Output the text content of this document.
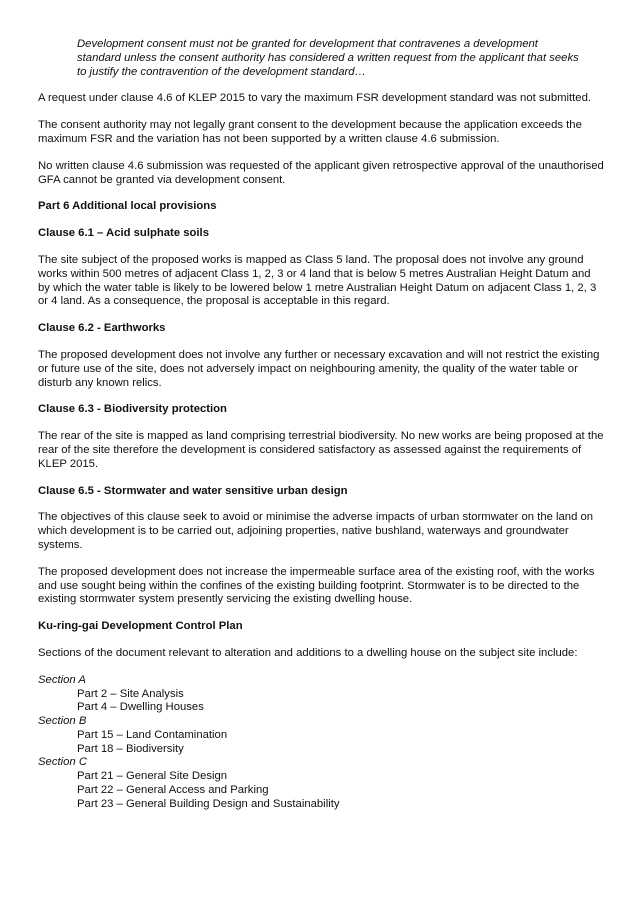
Development consent must not be granted for development that contravenes a development standard unless the consent authority has considered a written request from the applicant that seeks to justify the contravention of the development standard…

A request under clause 4.6 of KLEP 2015 to vary the maximum FSR development standard was not submitted.

The consent authority may not legally grant consent to the development because the application exceeds the maximum FSR and the variation has not been supported by a written clause 4.6 submission.

No written clause 4.6 submission was requested of the applicant given retrospective approval of the unauthorised GFA cannot be granted via development consent.

Part 6 Additional local provisions

Clause 6.1 – Acid sulphate soils

The site subject of the proposed works is mapped as Class 5 land. The proposal does not involve any ground works within 500 metres of adjacent Class 1, 2, 3 or 4 land that is below 5 metres Australian Height Datum and by which the water table is likely to be lowered below 1 metre Australian Height Datum on adjacent Class 1, 2, 3 or 4 land. As a consequence, the proposal is acceptable in this regard.

Clause 6.2 - Earthworks

The proposed development does not involve any further or necessary excavation and will not restrict the existing or future use of the site, does not adversely impact on neighbouring amenity, the quality of the water table or disturb any known relics.

Clause 6.3 - Biodiversity protection

The rear of the site is mapped as land comprising terrestrial biodiversity. No new works are being proposed at the rear of the site therefore the development is considered satisfactory as assessed against the requirements of KLEP 2015.

Clause 6.5 - Stormwater and water sensitive urban design

The objectives of this clause seek to avoid or minimise the adverse impacts of urban stormwater on the land on which development is to be carried out, adjoining properties, native bushland, waterways and groundwater systems.

The proposed development does not increase the impermeable surface area of the existing roof, with the works and use sought being within the confines of the existing building footprint. Stormwater is to be directed to the existing stormwater system presently servicing the existing dwelling house.

Ku-ring-gai Development Control Plan

Sections of the document relevant to alteration and additions to a dwelling house on the subject site include:

Section A

Part 2 – Site Analysis

Part 4 – Dwelling Houses

Section B

Part 15 – Land Contamination

Part 18 – Biodiversity

Section C

Part 21 – General Site Design

Part 22 – General Access and Parking

Part 23 – General Building Design and Sustainability
